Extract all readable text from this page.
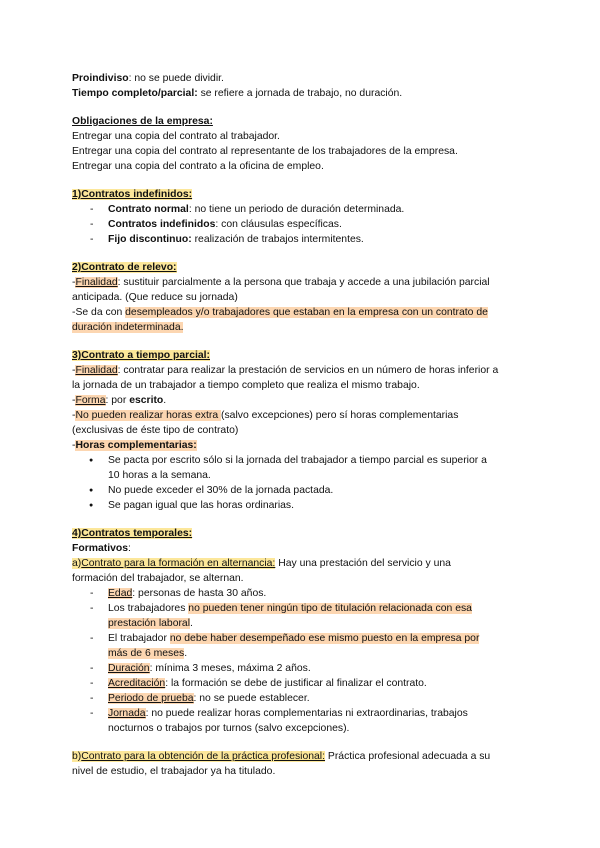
Proindiviso: no se puede dividir.
Tiempo completo/parcial: se refiere a jornada de trabajo, no duración.
Obligaciones de la empresa:
Entregar una copia del contrato al trabajador.
Entregar una copia del contrato al representante de los trabajadores de la empresa.
Entregar una copia del contrato a la oficina de empleo.
1)Contratos indefinidos:
- Contrato normal: no tiene un periodo de duración determinada.
- Contratos indefinidos: con cláusulas específicas.
- Fijo discontinuo: realización de trabajos intermitentes.
2)Contrato de relevo:
-Finalidad: sustituir parcialmente a la persona que trabaja y accede a una jubilación parcial
anticipada. (Que reduce su jornada)
-Se da con desempleados y/o trabajadores que estaban en la empresa con un contrato de
duración indeterminada.
3)Contrato a tiempo parcial:
-Finalidad: contratar para realizar la prestación de servicios en un número de horas inferior a
la jornada de un trabajador a tiempo completo que realiza el mismo trabajo.
-Forma: por escrito.
-No pueden realizar horas extra (salvo excepciones) pero sí horas complementarias
(exclusivas de éste tipo de contrato)
-Horas complementarias:
● Se pacta por escrito sólo si la jornada del trabajador a tiempo parcial es superior a
10 horas a la semana.
● No puede exceder el 30% de la jornada pactada.
● Se pagan igual que las horas ordinarias.
4)Contratos temporales:
Formativos:
a)Contrato para la formación en alternancia: Hay una prestación del servicio y una
formación del trabajador, se alternan.
- Edad: personas de hasta 30 años.
- Los trabajadores no pueden tener ningún tipo de titulación relacionada con esa
prestación laboral.
- El trabajador no debe haber desempeñado ese mismo puesto en la empresa por
más de 6 meses.
- Duración: mínima 3 meses, máxima 2 años.
- Acreditación: la formación se debe de justificar al finalizar el contrato.
- Periodo de prueba: no se puede establecer.
- Jornada: no puede realizar horas complementarias ni extraordinarias, trabajos
nocturnos o trabajos por turnos (salvo excepciones).
b)Contrato para la obtención de la práctica profesional: Práctica profesional adecuada a su
nivel de estudio, el trabajador ya ha titulado.
